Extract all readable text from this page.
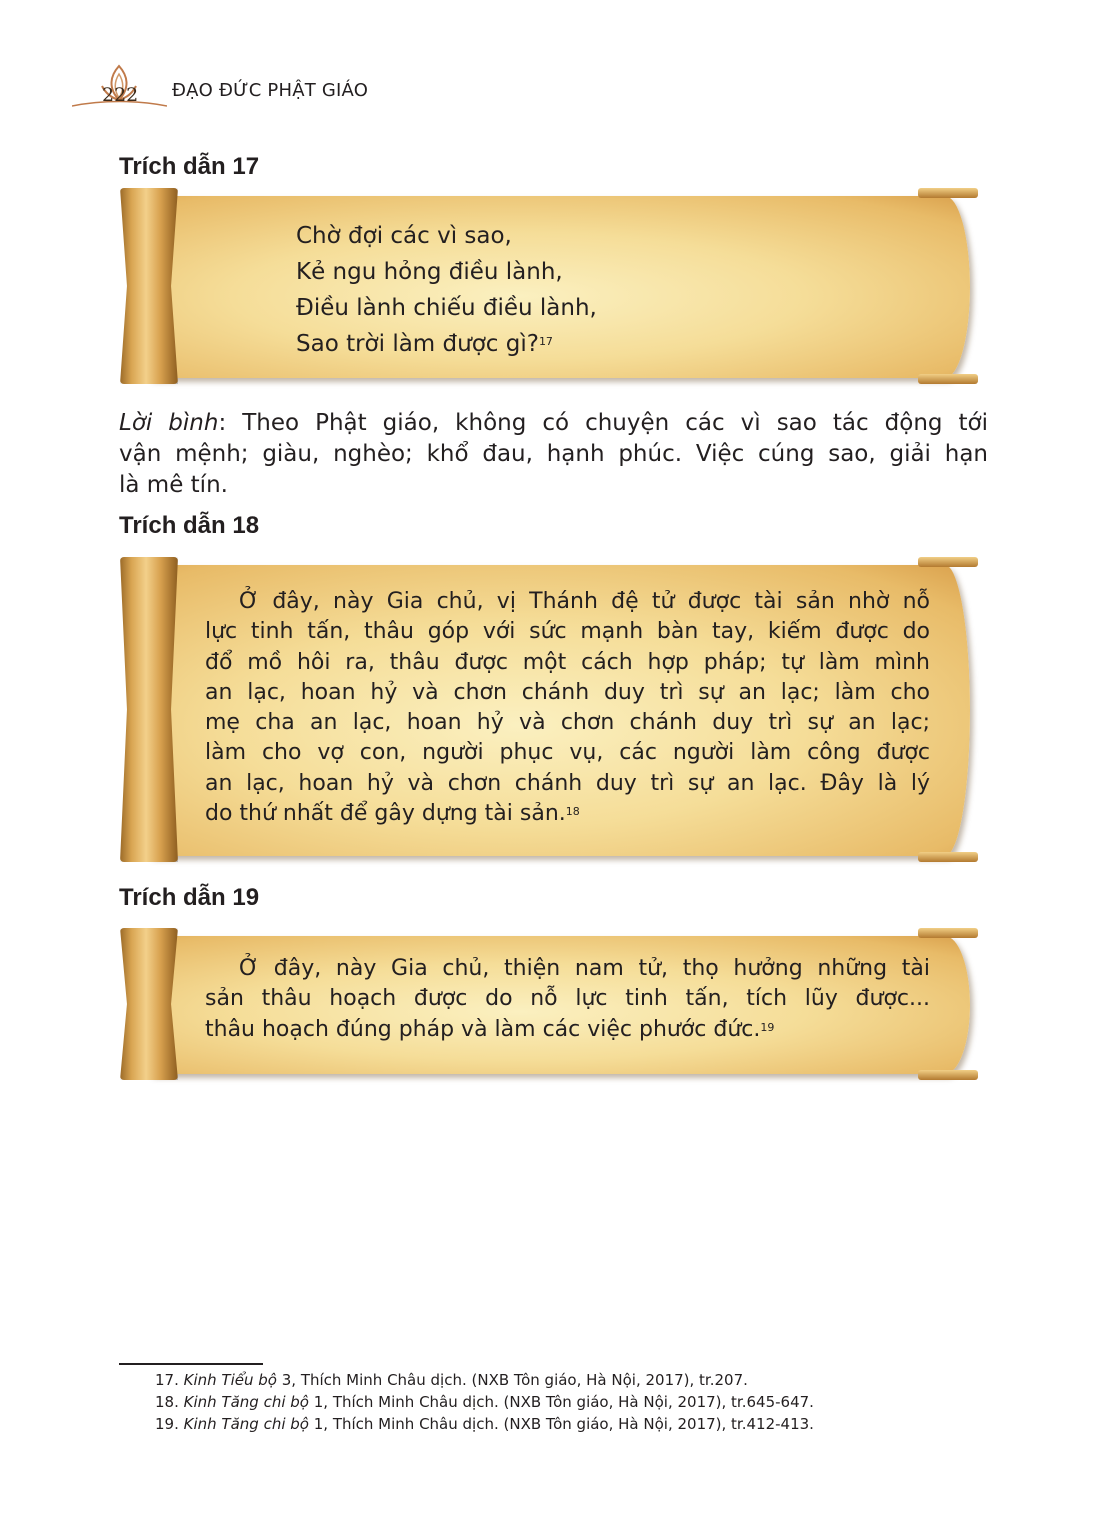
222 ĐẠO ĐỨC PHẬT GIÁO
Trích dẫn 17
Chờ đợi các vì sao,
Kẻ ngu hỏng điều lành,
Điều lành chiếu điều lành,
Sao trời làm được gì?$^{17}$
Lời bình: Theo Phật giáo, không có chuyện các vì sao tác động tới
vận mệnh; giàu, nghèo; khổ đau, hạnh phúc. Việc cúng sao, giải hạn
là mê tín.
Trích dẫn 18
Ở đây, này Gia chủ, vị Thánh đệ tử được tài sản nhờ nỗ
lực tinh tấn, thâu góp với sức mạnh bàn tay, kiếm được do
đổ mồ hôi ra, thâu được một cách hợp pháp; tự làm mình
an lạc, hoan hỷ và chơn chánh duy trì sự an lạc; làm cho
mẹ cha an lạc, hoan hỷ và chơn chánh duy trì sự an lạc;
làm cho vợ con, người phục vụ, các người làm công được
an lạc, hoan hỷ và chơn chánh duy trì sự an lạc. Đây là lý
do thứ nhất để gây dựng tài sản.$^{18}$
Trích dẫn 19
Ở đây, này Gia chủ, thiện nam tử, thọ hưởng những tài
sản thâu hoạch được do nỗ lực tinh tấn, tích lũy được...
thâu hoạch đúng pháp và làm các việc phước đức.$^{19}$
17. Kinh Tiểu bộ 3, Thích Minh Châu dịch. (NXB Tôn giáo, Hà Nội, 2017), tr.207.
18. Kinh Tăng chi bộ 1, Thích Minh Châu dịch. (NXB Tôn giáo, Hà Nội, 2017), tr.645-647.
19. Kinh Tăng chi bộ 1, Thích Minh Châu dịch. (NXB Tôn giáo, Hà Nội, 2017), tr.412-413.
